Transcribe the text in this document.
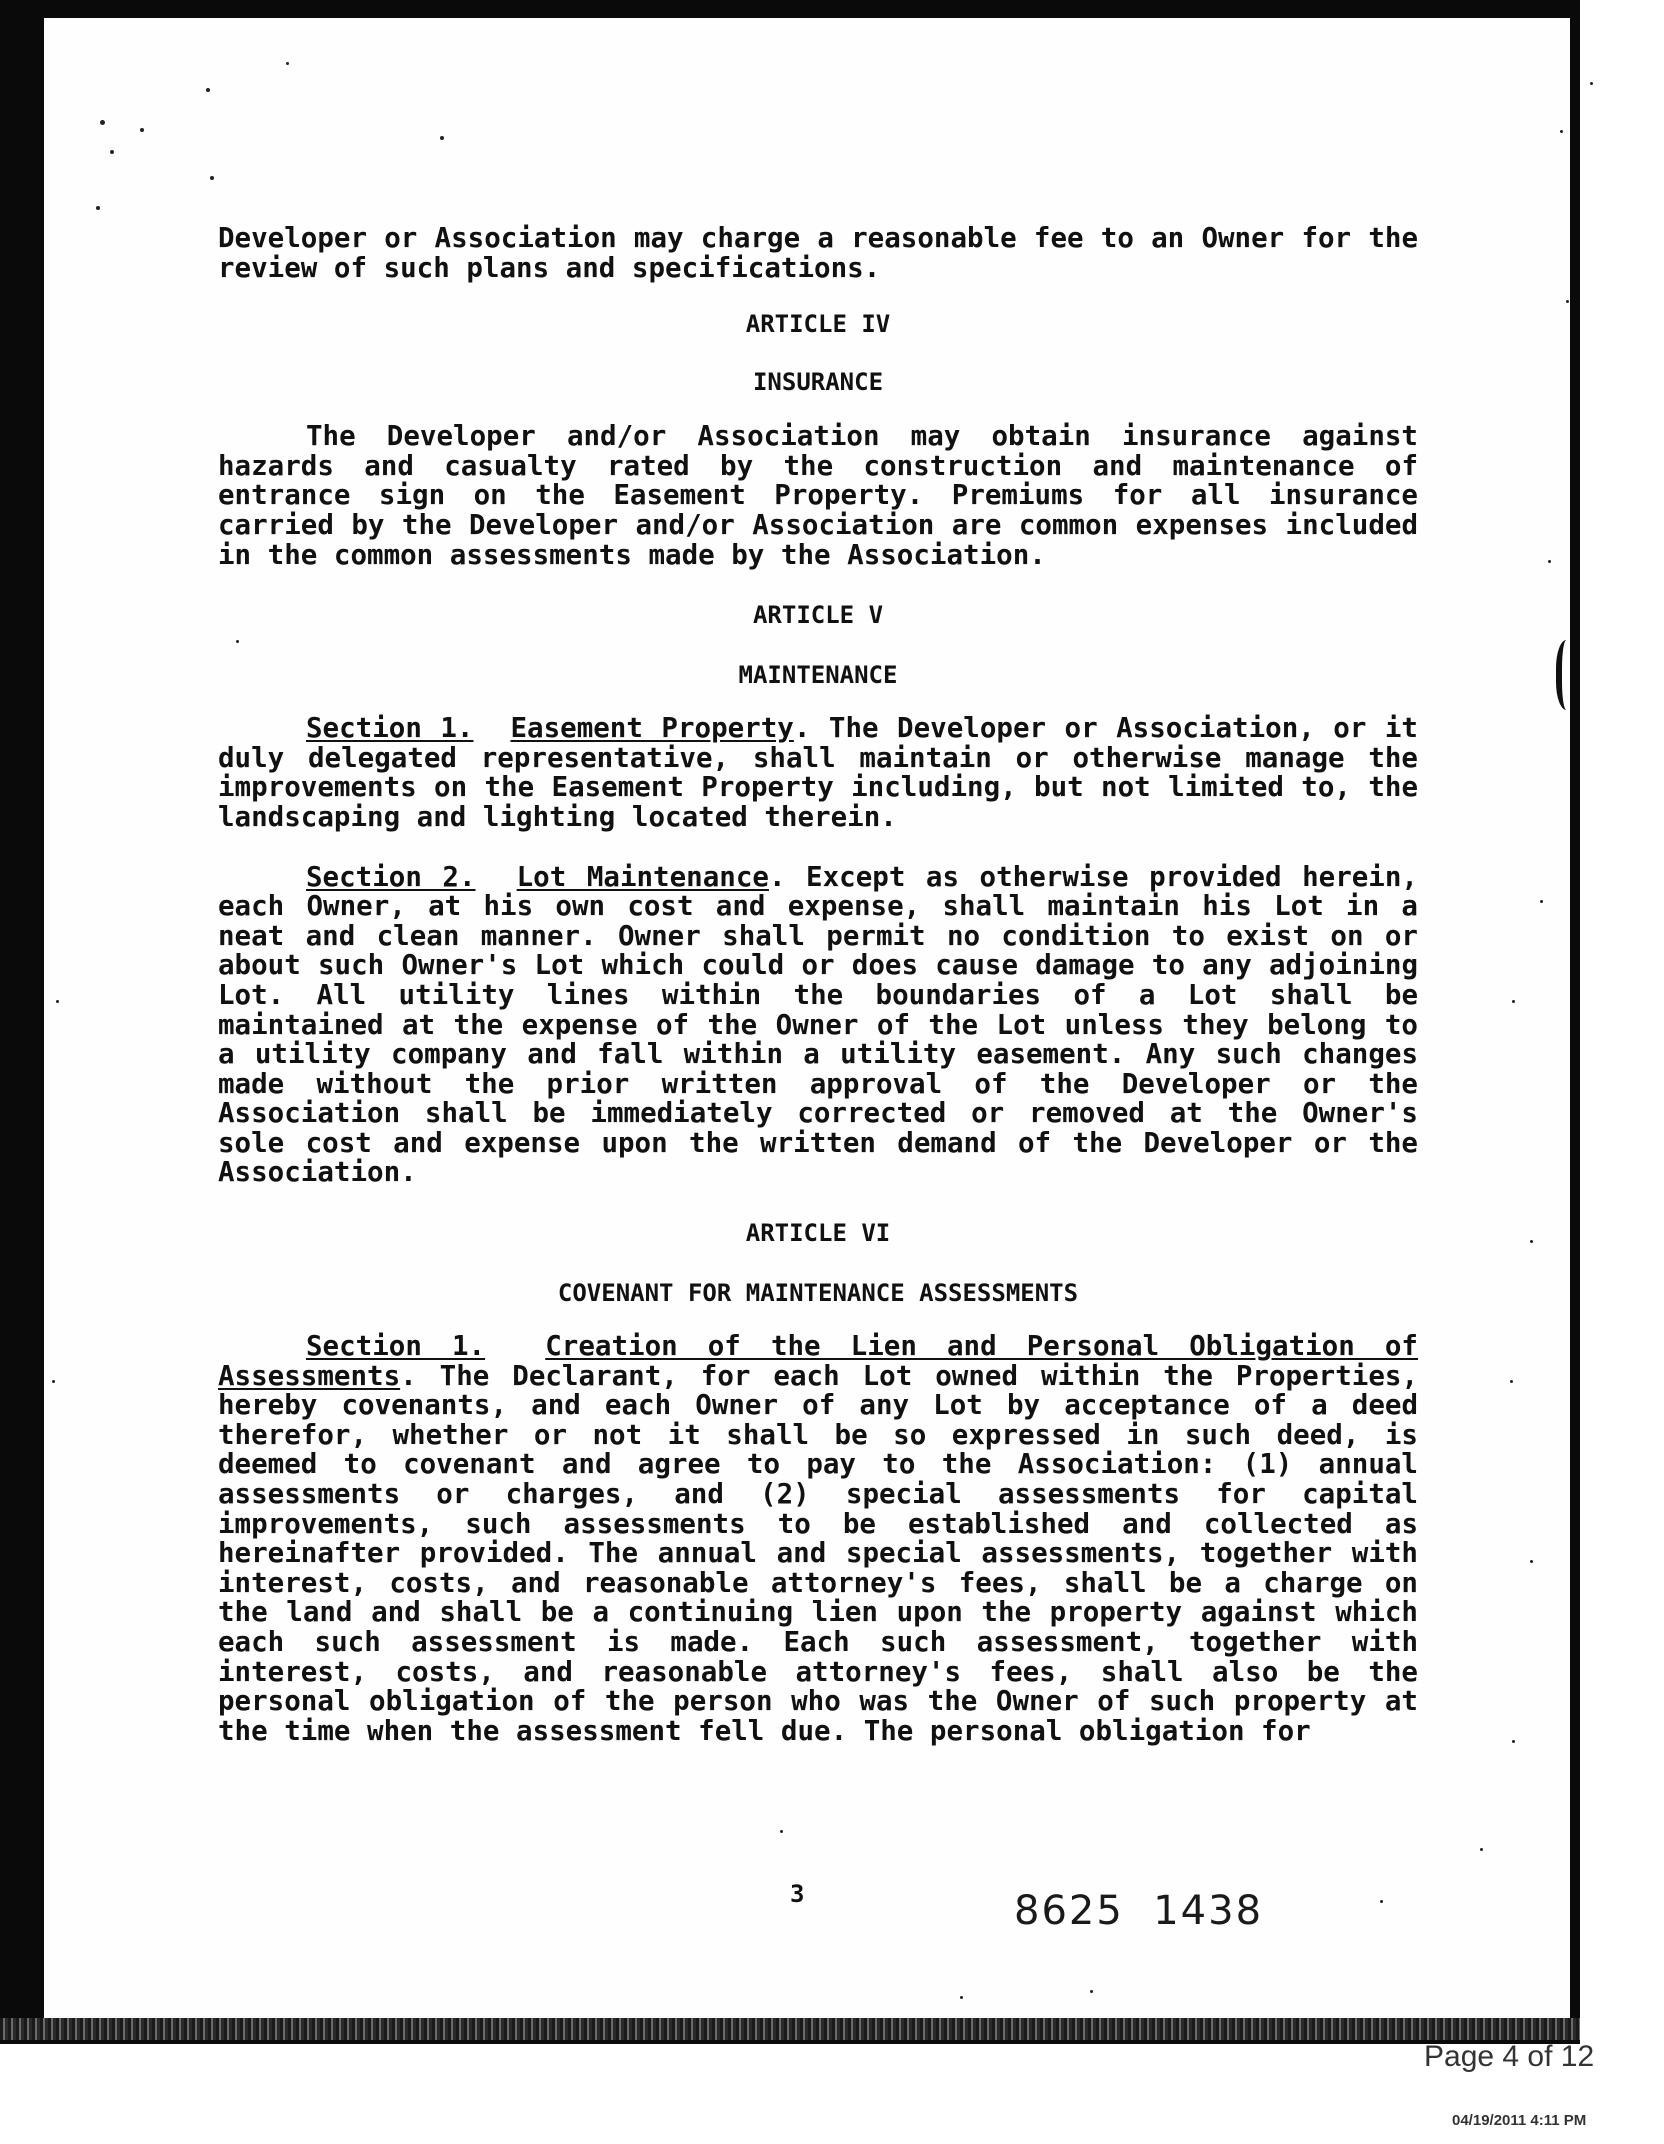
Developer or Association may charge a reasonable fee to an Owner for the review of such plans and specifications.

ARTICLE IV

INSURANCE

The Developer and/or Association may obtain insurance against hazards and casualty rated by the construction and maintenance of entrance sign on the Easement Property. Premiums for all insurance carried by the Developer and/or Association are common expenses included in the common assessments made by the Association.

ARTICLE V

MAINTENANCE

Section 1. Easement Property. The Developer or Association, or it duly delegated representative, shall maintain or otherwise manage the improvements on the Easement Property including, but not limited to, the landscaping and lighting located therein.

Section 2. Lot Maintenance. Except as otherwise provided herein, each Owner, at his own cost and expense, shall maintain his Lot in a neat and clean manner. Owner shall permit no condition to exist on or about such Owner's Lot which could or does cause damage to any adjoining Lot. All utility lines within the boundaries of a Lot shall be maintained at the expense of the Owner of the Lot unless they belong to a utility company and fall within a utility easement. Any such changes made without the prior written approval of the Developer or the Association shall be immediately corrected or removed at the Owner's sole cost and expense upon the written demand of the Developer or the Association.

ARTICLE VI

COVENANT FOR MAINTENANCE ASSESSMENTS

Section 1. Creation of the Lien and Personal Obligation of Assessments. The Declarant, for each Lot owned within the Properties, hereby covenants, and each Owner of any Lot by acceptance of a deed therefor, whether or not it shall be so expressed in such deed, is deemed to covenant and agree to pay to the Association: (1) annual assessments or charges, and (2) special assessments for capital improvements, such assessments to be established and collected as hereinafter provided. The annual and special assessments, together with interest, costs, and reasonable attorney's fees, shall be a charge on the land and shall be a continuing lien upon the property against which each such assessment is made. Each such assessment, together with interest, costs, and reasonable attorney's fees, shall also be the personal obligation of the person who was the Owner of such property at the time when the assessment fell due. The personal obligation for

3	8625  1438
Page 4 of 12
04/19/2011 4:11 PM
